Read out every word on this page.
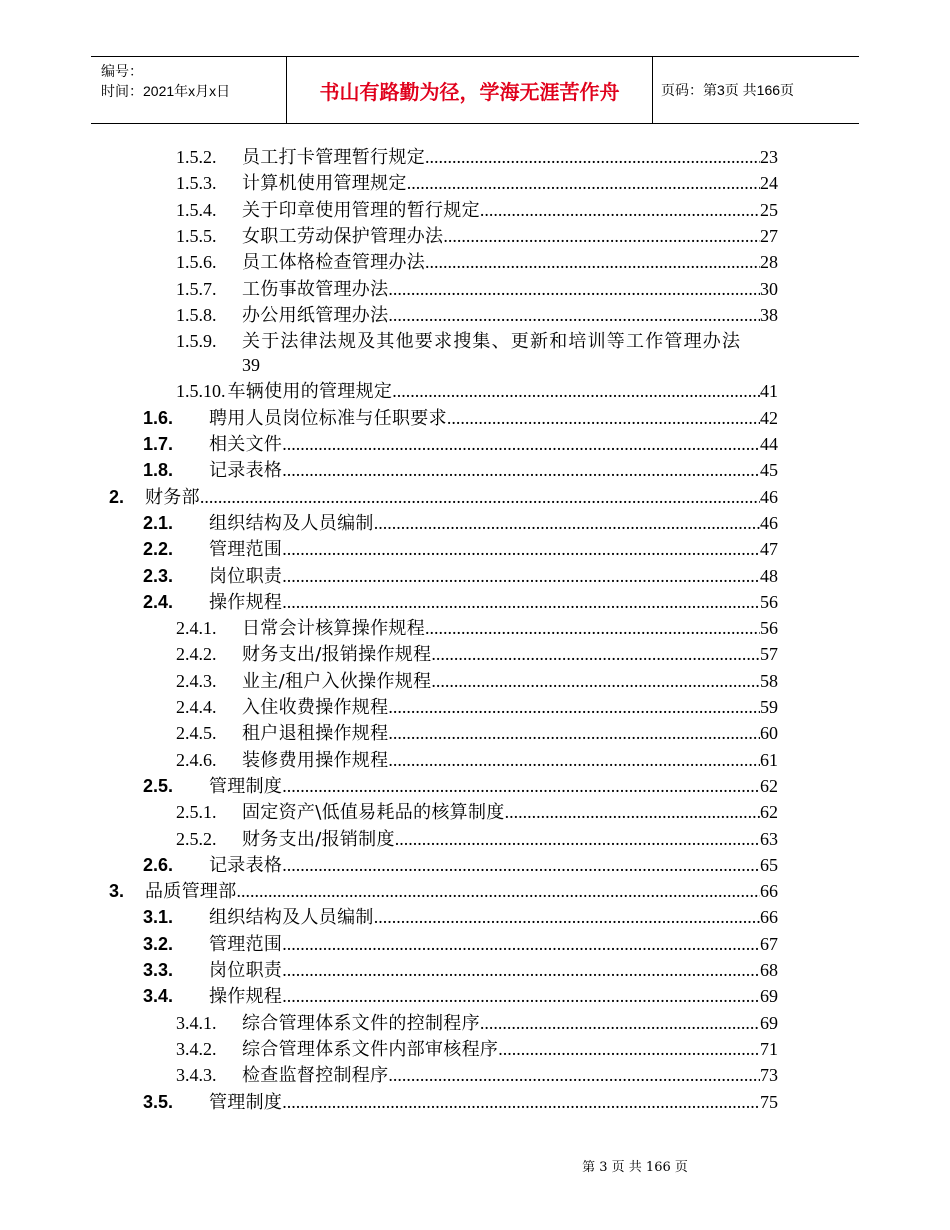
编号：
时间：2021年x月x日	书山有路勤为径，学海无涯苦作舟	页码：第3页 共166页
1.5.2.	员工打卡管理暂行规定 .....	23
1.5.3.	计算机使用管理规定 .....	24
1.5.4.	关于印章使用管理的暂行规定 .....	25
1.5.5.	女职工劳动保护管理办法 .....	27
1.5.6.	员工体格检查管理办法 .....	28
1.5.7.	工伤事故管理办法 .....	30
1.5.8.	办公用纸管理办法 .....	38
1.5.9.	关于法律法规及其他要求搜集、更新和培训等工作管理办法
39
1.5.10. 车辆使用的管理规定 .....	41
1.6.	聘用人员岗位标准与任职要求 .....	42
1.7.	相关文件 .....	44
1.8.	记录表格 .....	45
2.	财务部 .....	46
2.1.	组织结构及人员编制 .....	46
2.2.	管理范围 .....	47
2.3.	岗位职责 .....	48
2.4.	操作规程 .....	56
2.4.1.	日常会计核算操作规程 .....	56
2.4.2.	财务支出/报销操作规程 .....	57
2.4.3.	业主/租户入伙操作规程 .....	58
2.4.4.	入住收费操作规程 .....	59
2.4.5.	租户退租操作规程 .....	60
2.4.6.	装修费用操作规程 .....	61
2.5.	管理制度 .....	62
2.5.1.	固定资产\低值易耗品的核算制度 .....	62
2.5.2.	财务支出/报销制度 .....	63
2.6.	记录表格 .....	65
3.	品质管理部 .....	66
3.1.	组织结构及人员编制 .....	66
3.2.	管理范围 .....	67
3.3.	岗位职责 .....	68
3.4.	操作规程 .....	69
3.4.1.	综合管理体系文件的控制程序 .....	69
3.4.2.	综合管理体系文件内部审核程序 .....	71
3.4.3.	检查监督控制程序 .....	73
3.5.	管理制度 .....	75
第 3 页 共 166 页
